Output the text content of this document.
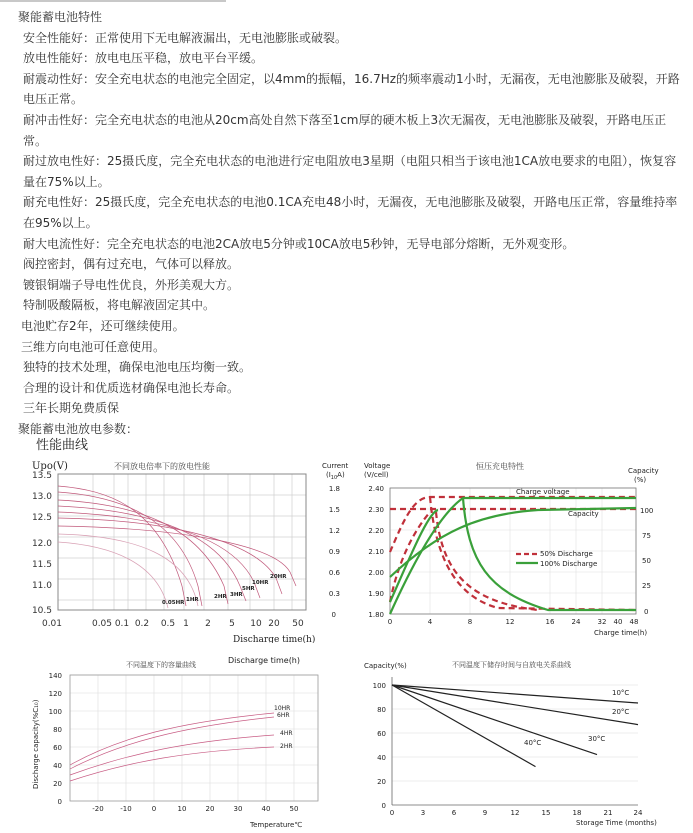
聚能蓄电池特性

安全性能好：正常使用下无电解液漏出，无电池膨胀或破裂。

放电性能好：放电电压平稳，放电平台平缓。

耐震动性好：安全充电状态的电池完全固定，以4mm的振幅，16.7Hz的频率震动1小时，无漏夜，无电池膨胀及破裂，开路电压正常。

耐冲击性好：完全充电状态的电池从20cm高处自然下落至1cm厚的硬木板上3次无漏夜，无电池膨胀及破裂，开路电压正常。

耐过放电性好：25摄氏度，完全充电状态的电池进行定电阻放电3星期（电阻只相当于该电池1CA放电要求的电阻），恢复容量在75%以上。

耐充电性好：25摄氏度，完全充电状态的电池0.1CA充电48小时，无漏夜，无电池膨胀及破裂，开路电压正常，容量维持率在95%以上。

耐大电流性好：完全充电状态的电池2CA放电5分钟或10CA放电5秒钟，无导电部分熔断，无外观变形。

阀控密封，偶有过充电，气体可以释放。

镀银铜端子导电性优良，外形美观大方。

特制吸酸隔板，将电解液固定其中。

电池贮存2年，还可继续使用。

三维方向电池可任意使用。

独特的技术处理，确保电池电压均衡一致。

合理的设计和优质选材确保电池长寿命。

三年长期免费质保

聚能蓄电池放电参数：

性能曲线
Upo(V)	不同放电倍率下的放电性能
13.5
13.0
12.5
12.0
11.5
11.0
10.5
0.01	0.05 0.1 0.2 0.5 1 2 5 10 20 50
Discharge time(h)
0.05HR 1HR	2HR 3HR
5HR
10HR
20HR
Current
$(I_{10}A)$
Voltage
(V/cell)
恒压充电特性	Capacity
(%)
1.8
1.5
1.2
0.9
0.6
0.3
0
2.40
2.30
2.20
2.10
2.00
1.90
1.80
100
75
50
25
0
0	4	8	12	16 24 32 40 48
Charge time(h)
Charge voltage
Capacity
50% Discharge
100% Discharge
不同温度下的容量曲线	Discharge time(h)
Discharge capacity(%C₁₀)
140
120
100
80
60
40
20
0
-20 -10	0	10	20	30	40	50
Temperature℃
10HR
6HR
4HR
2HR
Capacity(%)	不同温度下储存时间与自放电关系曲线
100
80
60
40
20
0
0	3	6	9	12	15	18	21	24
Storage Time (months)
10°C
20°C
30°C
40°C
